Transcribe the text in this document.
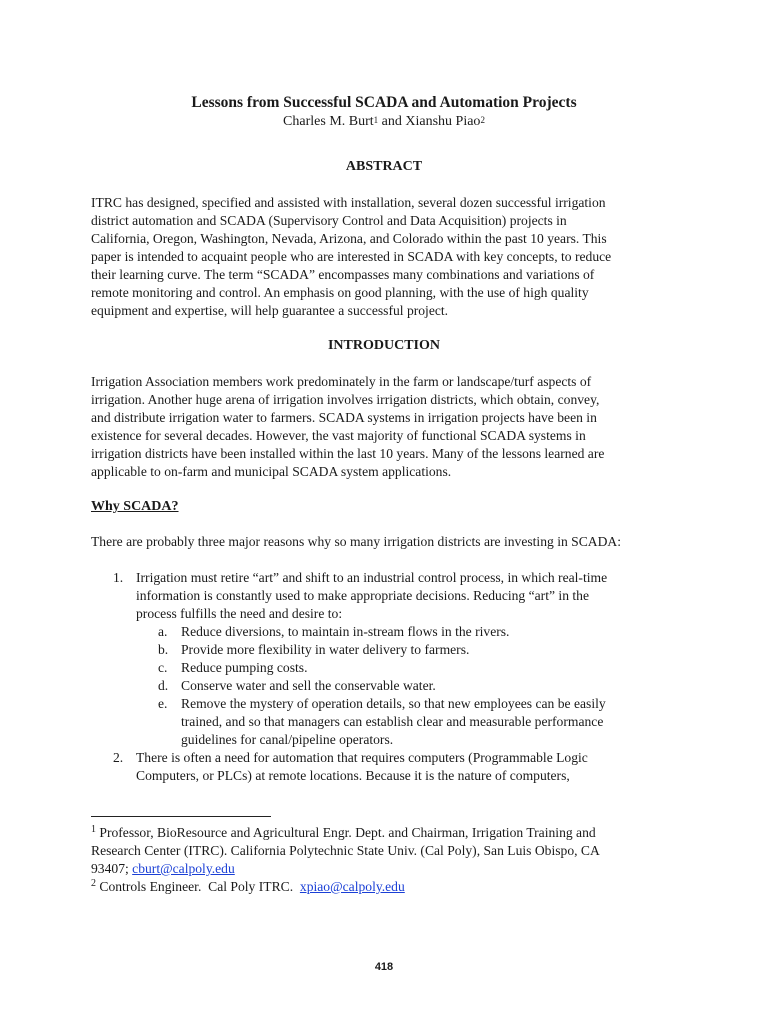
Lessons from Successful SCADA and Automation Projects
Charles M. Burt$^1$ and Xianshu Piao$^2$
ABSTRACT
ITRC has designed, specified and assisted with installation, several dozen successful irrigation
district automation and SCADA (Supervisory Control and Data Acquisition) projects in
California, Oregon, Washington, Nevada, Arizona, and Colorado within the past 10 years. This
paper is intended to acquaint people who are interested in SCADA with key concepts, to reduce
their learning curve. The term “SCADA” encompasses many combinations and variations of
remote monitoring and control. An emphasis on good planning, with the use of high quality
equipment and expertise, will help guarantee a successful project.
INTRODUCTION
Irrigation Association members work predominately in the farm or landscape/turf aspects of
irrigation. Another huge arena of irrigation involves irrigation districts, which obtain, convey,
and distribute irrigation water to farmers. SCADA systems in irrigation projects have been in
existence for several decades. However, the vast majority of functional SCADA systems in
irrigation districts have been installed within the last 10 years. Many of the lessons learned are
applicable to on-farm and municipal SCADA system applications.
Why SCADA?
There are probably three major reasons why so many irrigation districts are investing in SCADA:
1. Irrigation must retire “art” and shift to an industrial control process, in which real-time
information is constantly used to make appropriate decisions. Reducing “art” in the
process fulfills the need and desire to:
a. Reduce diversions, to maintain in-stream flows in the rivers.
b. Provide more flexibility in water delivery to farmers.
c. Reduce pumping costs.
d. Conserve water and sell the conservable water.
e. Remove the mystery of operation details, so that new employees can be easily
trained, and so that managers can establish clear and measurable performance
guidelines for canal/pipeline operators.
2. There is often a need for automation that requires computers (Programmable Logic
Computers, or PLCs) at remote locations. Because it is the nature of computers,
$^1$ Professor, BioResource and Agricultural Engr. Dept. and Chairman, Irrigation Training and
Research Center (ITRC). California Polytechnic State Univ. (Cal Poly), San Luis Obispo, CA
93407; cburt@calpoly.edu
$^2$ Controls Engineer.  Cal Poly ITRC.  xpiao@calpoly.edu
418
